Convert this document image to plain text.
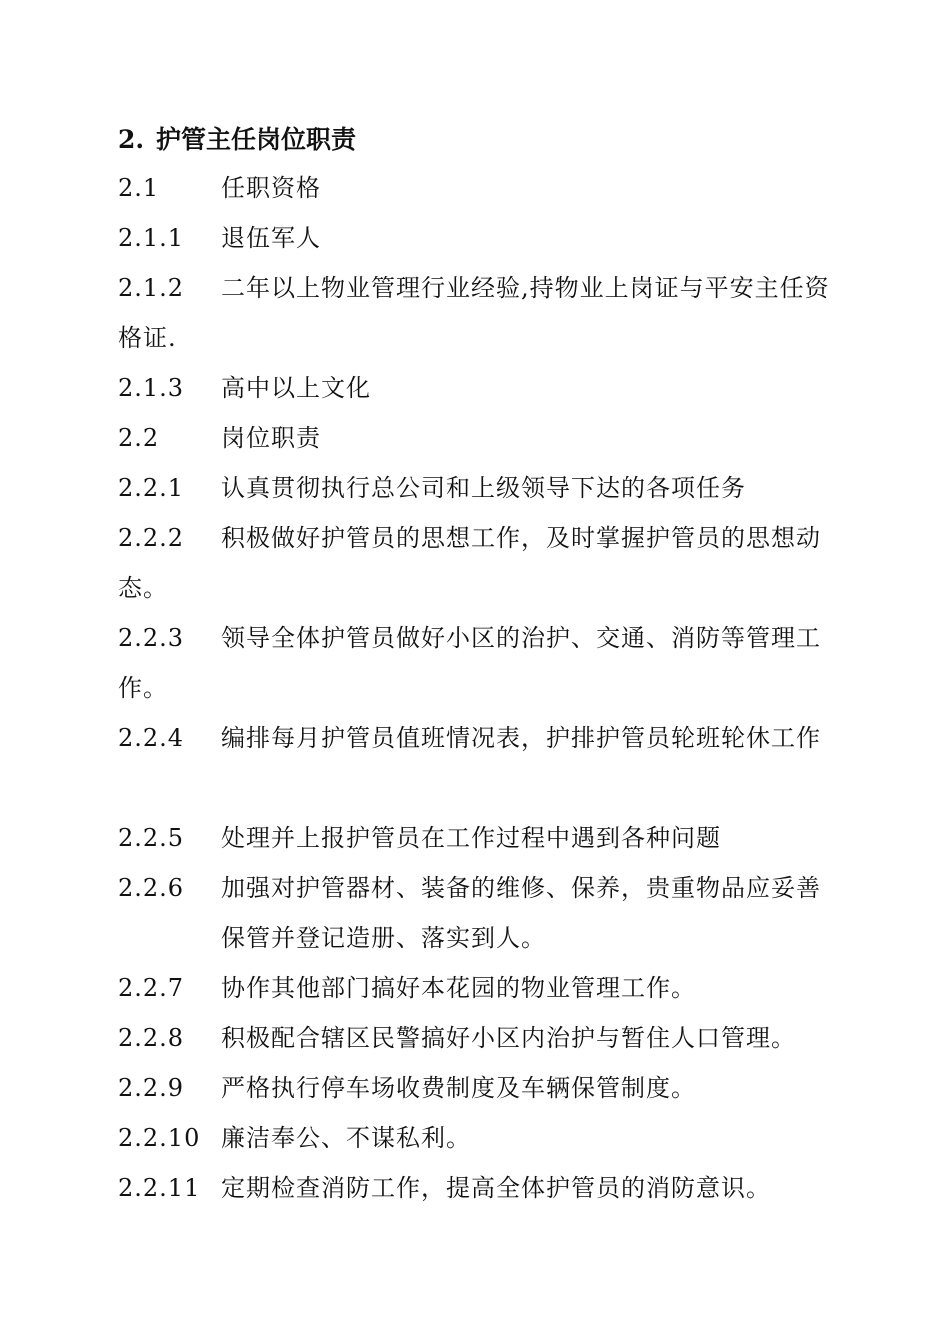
2. 护管主任岗位职责
2.1	任职资格
2.1.1	退伍军人
2.1.2	二年以上物业管理行业经验,持物业上岗证与平安主任资格证.
2.1.3	高中以上文化
2.2	岗位职责
2.2.1	认真贯彻执行总公司和上级领导下达的各项任务
2.2.2	积极做好护管员的思想工作，及时掌握护管员的思想动态。
2.2.3	领导全体护管员做好小区的治护、交通、消防等管理工作。
2.2.4	编排每月护管员值班情况表，护排护管员轮班轮休工作
2.2.5	处理并上报护管员在工作过程中遇到各种问题
2.2.6 加强对护管器材、装备的维修、保养，贵重物品应妥善保管并登记造册、落实到人。
2.2.7	协作其他部门搞好本花园的物业管理工作。
2.2.8	积极配合辖区民警搞好小区内治护与暂住人口管理。
2.2.9	严格执行停车场收费制度及车辆保管制度。
2.2.10 廉洁奉公、不谋私利。
2.2.11 定期检查消防工作，提高全体护管员的消防意识。
